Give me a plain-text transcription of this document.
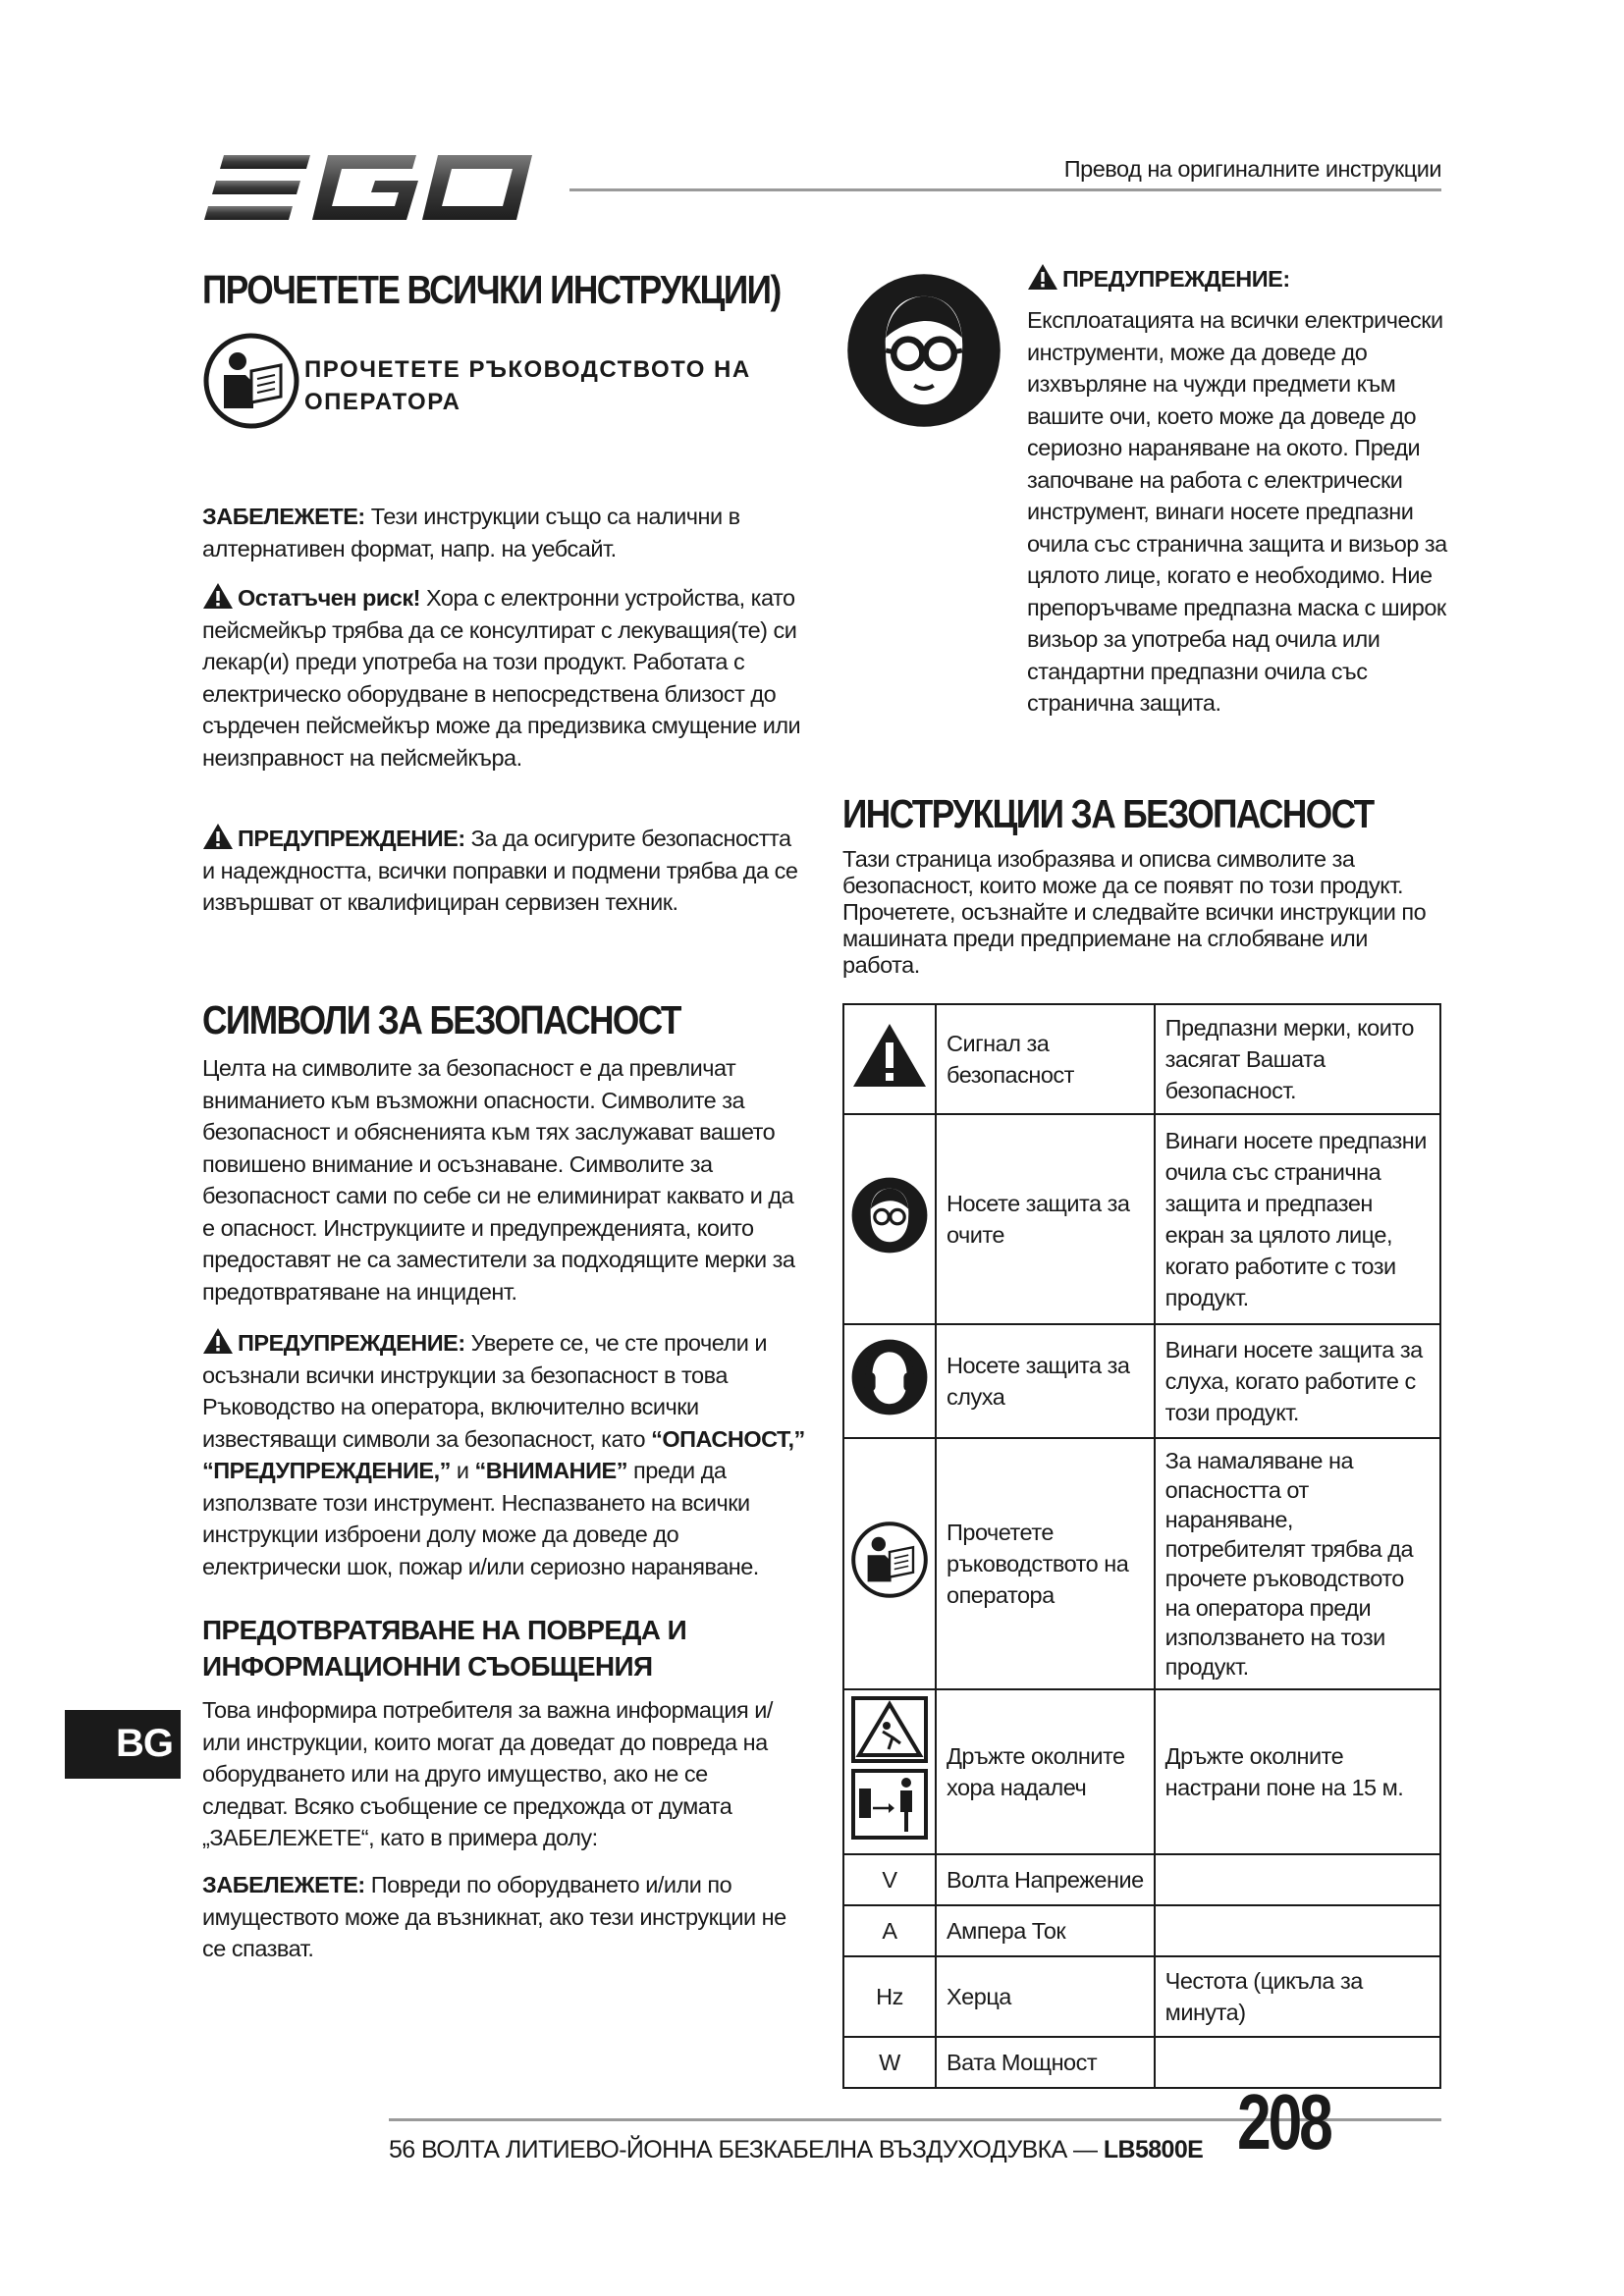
Превод на оригиналните инструкции
ПРОЧЕТЕТЕ ВСИЧКИ ИНСТРУКЦИИ)
ПРОЧЕТЕТЕ РЪКОВОДСТВОТО НА ОПЕРАТОРА

ЗАБЕЛЕЖЕТЕ: Тези инструкции също са налични в алтернативен формат, напр. на уебсайт.

Остатъчен риск! Хора с електронни устройства, като пейсмейкър трябва да се консултират с лекуващия(те) си лекар(и) преди употреба на този продукт. Работата с електрическо оборудване в непосредствена близост до сърдечен пейсмейкър може да предизвика смущение или неизправност на пейсмейкъра.

ПРЕДУПРЕЖДЕНИЕ: За да осигурите безопасността и надеждността, всички поправки и подмени трябва да се извършват от квалифициран сервизен техник.

СИМВОЛИ ЗА БЕЗОПАСНОСТ

Целта на символите за безопасност е да превличат вниманието към възможни опасности. Символите за безопасност и обясненията към тях заслужават вашето повишено внимание и осъзнаване. Символите за безопасност сами по себе си не елиминират каквато и да е опасност. Инструкциите и предупрежденията, които предоставят не са заместители за подходящите мерки за предотвратяване на инцидент.

ПРЕДУПРЕЖДЕНИЕ: Уверете се, че сте прочели и осъзнали всички инструкции за безопасност в това Ръководство на оператора, включително всички известяващи символи за безопасност, като “ОПАСНОСТ,” “ПРЕДУПРЕЖДЕНИЕ,” и “ВНИМАНИЕ” преди да използвате този инструмент. Неспазването на всички инструкции изброени долу може да доведе до електрически шок, пожар и/или сериозно нараняване.

ПРЕДОТВРАТЯВАНЕ НА ПОВРЕДА И ИНФОРМАЦИОННИ СЪОБЩЕНИЯ

Това информира потребителя за важна информация и/или инструкции, които могат да доведат до повреда на оборудването или на друго имущество, ако не се следват. Всяко съобщение се предхожда от думата „ЗАБЕЛЕЖЕТЕ“, като в примера долу:

ЗАБЕЛЕЖЕТЕ: Повреди по оборудването и/или по имуществото може да възникнат, ако тези инструкции не се спазват.

BG

ПРЕДУПРЕЖДЕНИЕ:

Експлоатацията на всички електрически инструменти, може да доведе до изхвърляне на чужди предмети към вашите очи, което може да доведе до сериозно нараняване на окото. Преди започване на работа с електрически инструмент, винаги носете предпазни очила със странична защита и визьор за цялото лице, когато е необходимо. Ние препоръчваме предпазна маска с широк визьор за употреба над очила или стандартни предпазни очила със странична защита.

ИНСТРУКЦИИ ЗА БЕЗОПАСНОСТ

Тази страница изобразява и описва символите за безопасност, които може да се появят по този продукт. Прочетете, осъзнайте и следвайте всички инструкции по машината преди предприемане на сглобяване или работа.

	Сигнал за безопасност	Предпазни мерки, които засягат Вашата безопасност.
	Носете защита за очите	Винаги носете предпазни очила със странична защита и предпазен екран за цялото лице, когато работите с този продукт.
	Носете защита за слуха	Винаги носете защита за слуха, когато работите с този продукт.
	Прочетете ръководството на оператора	За намаляване на опасността от нараняване, потребителят трябва да прочете ръководството на оператора преди използването на този продукт.
	Дръжте околните хора надалеч	Дръжте околните настрани поне на 15 м.
V	Волта Напрежение	
A	Ампера Ток	
Hz	Херца	Честота (цикъла за минута)
W	Вата Мощност	
56 ВОЛТА ЛИТИЕВО-ЙОННА БЕЗКАБЕЛНА ВЪЗДУХОДУВКА — LB5800E 208
